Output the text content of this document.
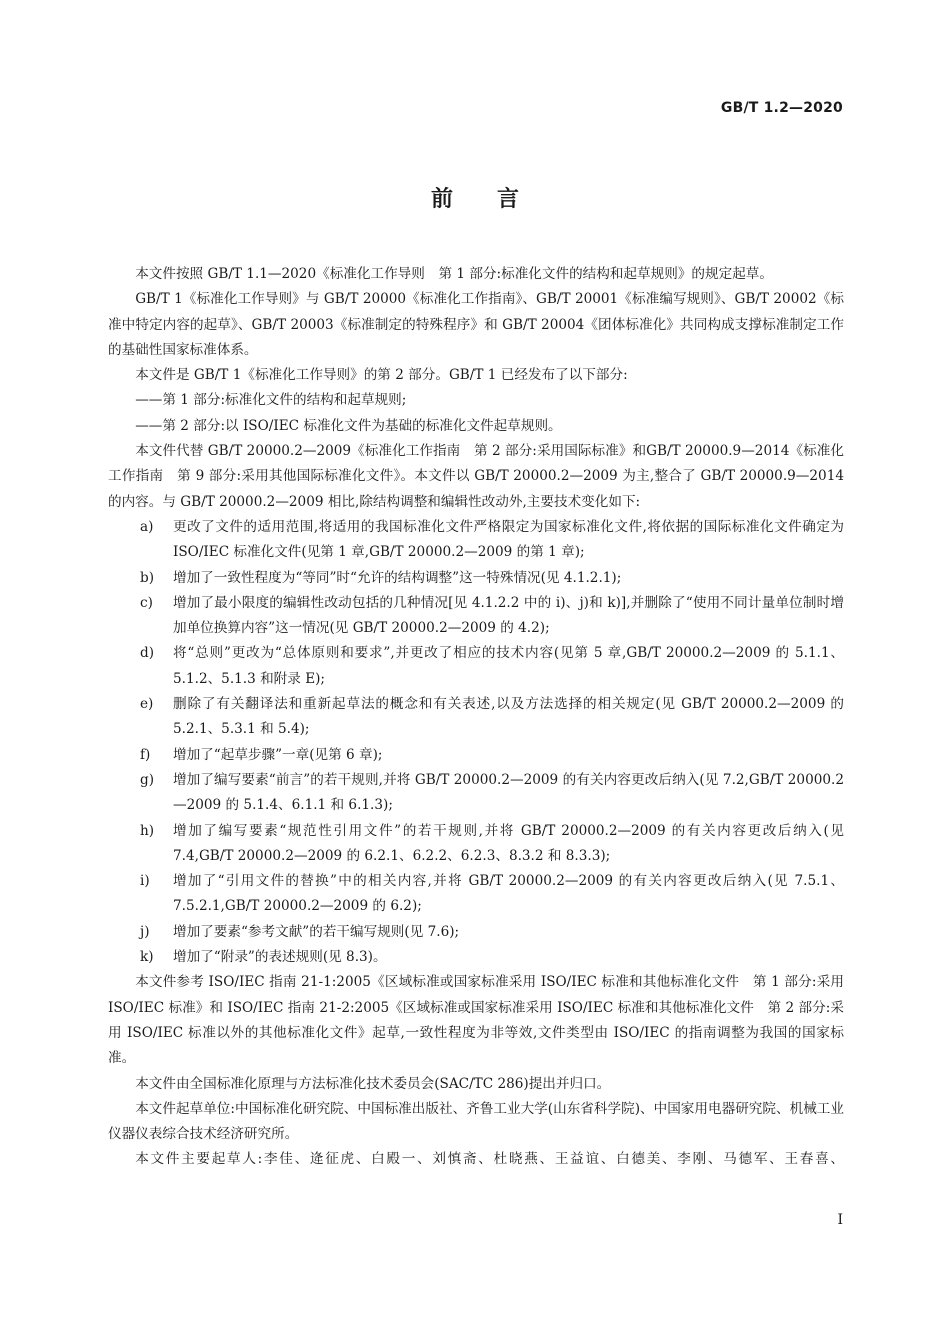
GB/T 1.2—2020
前言

本文件按照 GB/T 1.1—2020《标准化工作导则　第 1 部分:标准化文件的结构和起草规则》的规定起草。

GB/T 1《标准化工作导则》与 GB/T 20000《标准化工作指南》、GB/T 20001《标准编写规则》、GB/T 20002《标准中特定内容的起草》、GB/T 20003《标准制定的特殊程序》和 GB/T 20004《团体标准化》共同构成支撑标准制定工作的基础性国家标准体系。

本文件是 GB/T 1《标准化工作导则》的第 2 部分。GB/T 1 已经发布了以下部分:

——第 1 部分:标准化文件的结构和起草规则;

——第 2 部分:以 ISO/IEC 标准化文件为基础的标准化文件起草规则。

本文件代替 GB/T 20000.2—2009《标准化工作指南　第 2 部分:采用国际标准》和GB/T 20000.9—2014《标准化工作指南　第 9 部分:采用其他国际标准化文件》。本文件以 GB/T 20000.2—2009 为主,整合了 GB/T 20000.9—2014 的内容。与 GB/T 20000.2—2009 相比,除结构调整和编辑性改动外,主要技术变化如下:

a) 更改了文件的适用范围,将适用的我国标准化文件严格限定为国家标准化文件,将依据的国际标准化文件确定为 ISO/IEC 标准化文件(见第 1 章,GB/T 20000.2—2009 的第 1 章);
b) 增加了一致性程度为“等同”时“允许的结构调整”这一特殊情况(见 4.1.2.1);
c) 增加了最小限度的编辑性改动包括的几种情况[见 4.1.2.2 中的 i)、j)和 k)],并删除了“使用不同计量单位制时增加单位换算内容”这一情况(见 GB/T 20000.2—2009 的 4.2);
d) 将“总则”更改为“总体原则和要求”,并更改了相应的技术内容(见第 5 章,GB/T 20000.2—2009 的 5.1.1、5.1.2、5.1.3 和附录 E);
e) 删除了有关翻译法和重新起草法的概念和有关表述,以及方法选择的相关规定(见 GB/T 20000.2—2009 的 5.2.1、5.3.1 和 5.4);
f) 增加了“起草步骤”一章(见第 6 章);
g) 增加了编写要素“前言”的若干规则,并将 GB/T 20000.2—2009 的有关内容更改后纳入(见 7.2,GB/T 20000.2—2009 的 5.1.4、6.1.1 和 6.1.3);
h) 增加了编写要素“规范性引用文件”的若干规则,并将 GB/T 20000.2—2009 的有关内容更改后纳入(见 7.4,GB/T 20000.2—2009 的 6.2.1、6.2.2、6.2.3、8.3.2 和 8.3.3);
i) 增加了“引用文件的替换”中的相关内容,并将 GB/T 20000.2—2009 的有关内容更改后纳入(见 7.5.1、7.5.2.1,GB/T 20000.2—2009 的 6.2);
j) 增加了要素“参考文献”的若干编写规则(见 7.6);
k) 增加了“附录”的表述规则(见 8.3)。

本文件参考 ISO/IEC 指南 21-1:2005《区域标准或国家标准采用 ISO/IEC 标准和其他标准化文件　第 1 部分:采用 ISO/IEC 标准》和 ISO/IEC 指南 21-2:2005《区域标准或国家标准采用 ISO/IEC 标准和其他标准化文件　第 2 部分:采用 ISO/IEC 标准以外的其他标准化文件》起草,一致性程度为非等效,文件类型由 ISO/IEC 的指南调整为我国的国家标准。

本文件由全国标准化原理与方法标准化技术委员会(SAC/TC 286)提出并归口。

本文件起草单位:中国标准化研究院、中国标准出版社、齐鲁工业大学(山东省科学院)、中国家用电器研究院、机械工业仪器仪表综合技术经济研究所。

本文件主要起草人:李佳、逄征虎、白殿一、刘慎斋、杜晓燕、王益谊、白德美、李刚、马德军、王春喜、

I
